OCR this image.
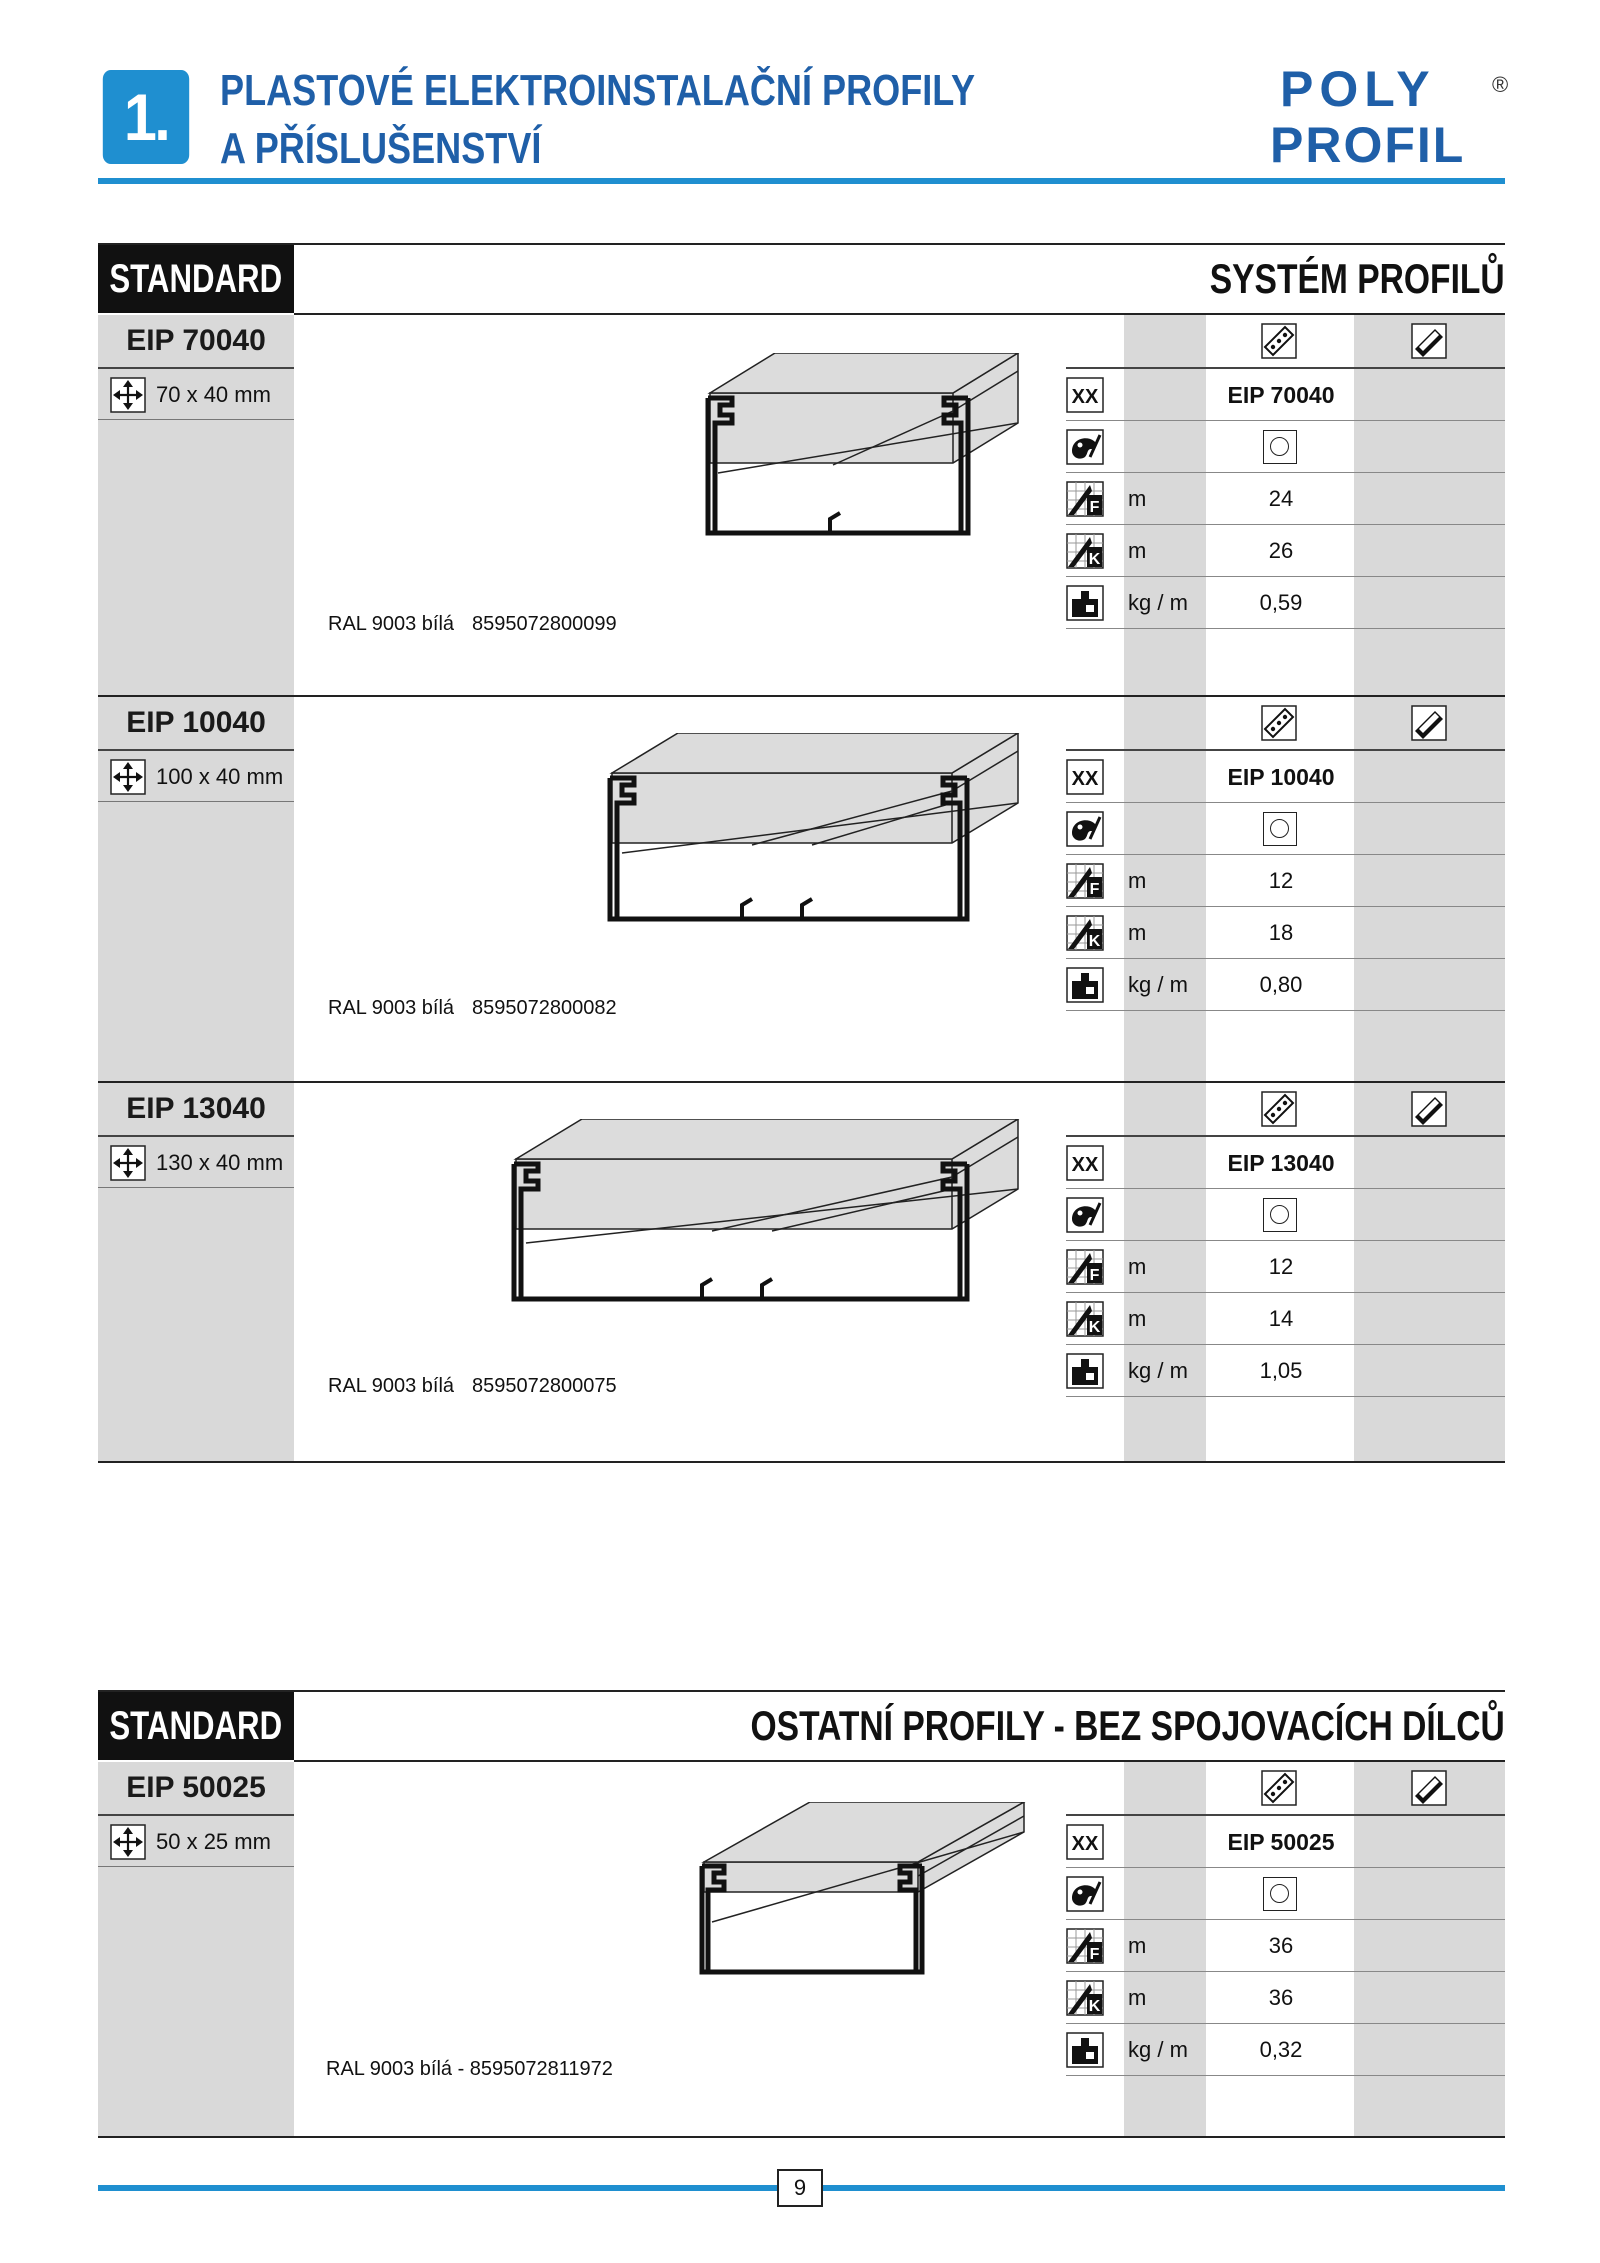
1.	PLASTOVÉ ELEKTROINSTALAČNÍ PROFILY
A PŘÍSLUŠENSTVÍ
POLY
PROFIL
®
STANDARD	SYSTÉM PROFILŮ
EIP 70040
70 x 40 mm	XX	EIP 70040
F m	24
K m	26
kg / m	0,59
RAL 9003 bílá 8595072800099
EIP 10040
100 x 40 mm	XX	EIP 10040
F m	12
K m	18
kg / m	0,80
RAL 9003 bílá 8595072800082
EIP 13040
130 x 40 mm	XX	EIP 13040
F m	12
K m	14
kg / m	1,05
RAL 9003 bílá 8595072800075
STANDARD	OSTATNÍ PROFILY - BEZ SPOJOVACÍCH DÍLCŮ
EIP 50025
50 x 25 mm	XX	EIP 50025
F m	36
K m	36
kg / m	0,32
RAL 9003 bílá - 8595072811972
9
